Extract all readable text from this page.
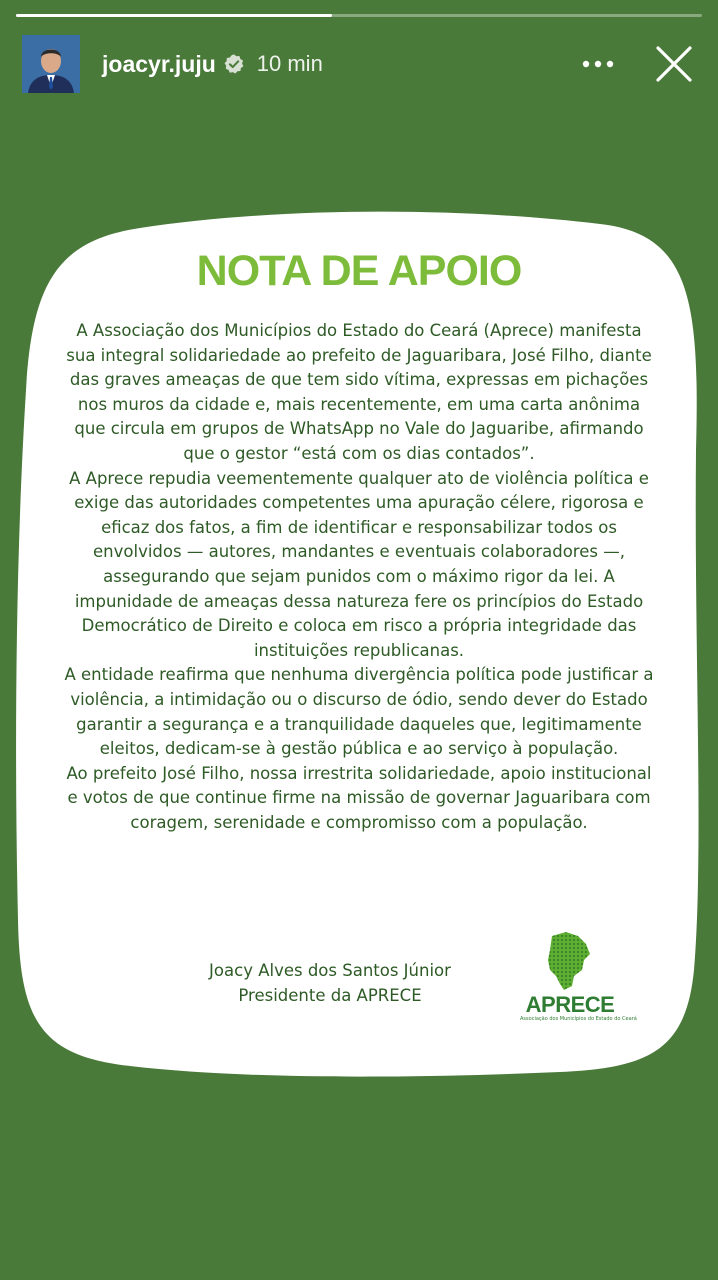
joacyr.juju 10 min
NOTA DE APOIO

A Associação dos Municípios do Estado do Ceará (Aprece) manifesta sua integral solidariedade ao prefeito de Jaguaribara, José Filho, diante das graves ameaças de que tem sido vítima, expressas em pichações nos muros da cidade e, mais recentemente, em uma carta anônima que circula em grupos de WhatsApp no Vale do Jaguaribe, afirmando que o gestor “está com os dias contados”.

A Aprece repudia veementemente qualquer ato de violência política e exige das autoridades competentes uma apuração célere, rigorosa e eficaz dos fatos, a fim de identificar e responsabilizar todos os envolvidos — autores, mandantes e eventuais colaboradores —, assegurando que sejam punidos com o máximo rigor da lei. A impunidade de ameaças dessa natureza fere os princípios do Estado Democrático de Direito e coloca em risco a própria integridade das instituições republicanas.

A entidade reafirma que nenhuma divergência política pode justificar a violência, a intimidação ou o discurso de ódio, sendo dever do Estado garantir a segurança e a tranquilidade daqueles que, legitimamente eleitos, dedicam-se à gestão pública e ao serviço à população.

Ao prefeito José Filho, nossa irrestrita solidariedade, apoio institucional e votos de que continue firme na missão de governar Jaguaribara com coragem, serenidade e compromisso com a população.

Joacy Alves dos Santos Júnior
Presidente da APRECE	APRECE
Associação dos Municípios do Estado do Ceará
